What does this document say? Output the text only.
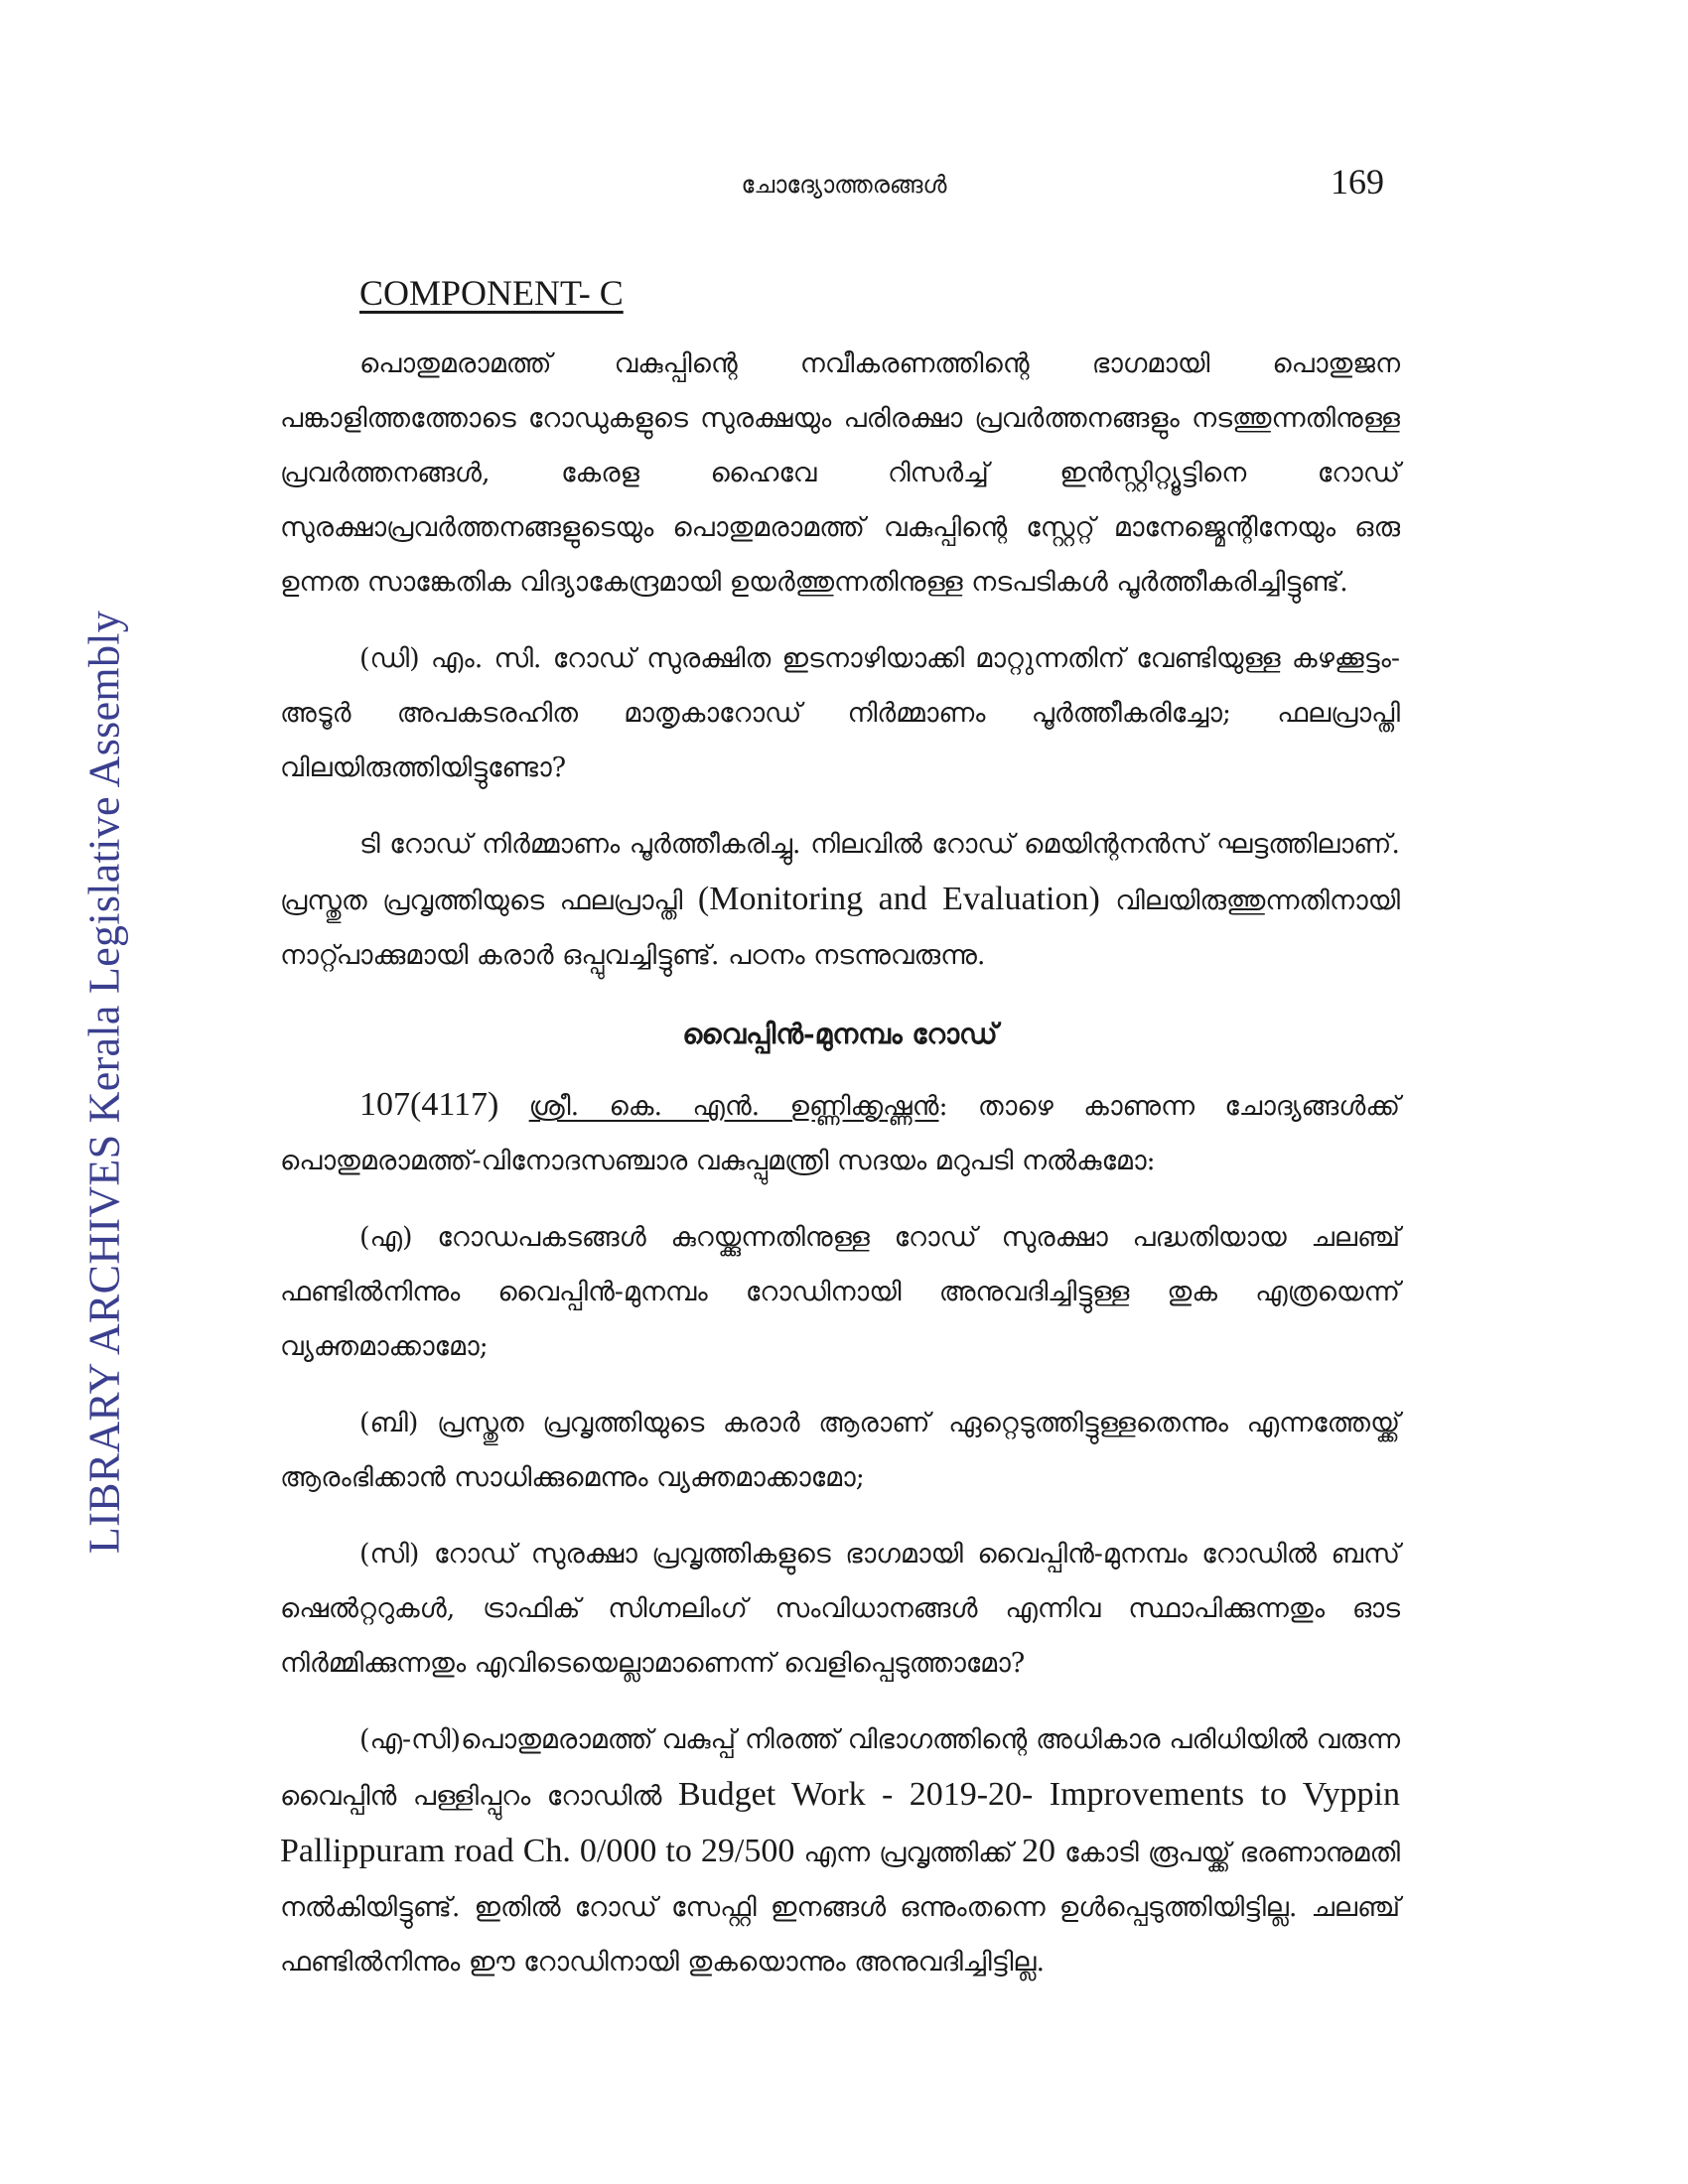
ചോദ്യോത്തരങ്ങൾ	169
LIBRARY ARCHIVES Kerala Legislative Assembly
COMPONENT- C

പൊതുമരാമത്ത് വകുപ്പിന്റെ നവീകരണത്തിന്റെ ഭാഗമായി പൊതുജന പങ്കാളിത്തത്തോടെ റോഡുകളുടെ സുരക്ഷയും പരിരക്ഷാ പ്രവർത്തനങ്ങളും നടത്തുന്നതിനുള്ള പ്രവർത്തനങ്ങൾ, കേരള ഹൈവേ റിസർച്ച് ഇൻസ്റ്റിറ്റ്യൂട്ടിനെ റോഡ് സുരക്ഷാപ്രവർത്തനങ്ങളുടെയും പൊതുമരാമത്ത് വകുപ്പിന്റെ സ്റ്റേറ്റ് മാനേജ്മെന്റിനേയും ഒരു ഉന്നത സാങ്കേതിക വിദ്യാകേന്ദ്രമായി ഉയർത്തുന്നതിനുള്ള നടപടികൾ പൂർത്തീകരിച്ചിട്ടുണ്ട്.

(ഡി) എം. സി. റോഡ് സുരക്ഷിത ഇടനാഴിയാക്കി മാറ്റുന്നതിന് വേണ്ടിയുള്ള കഴക്കൂട്ടം-അടൂർ അപകടരഹിത മാതൃകാറോഡ് നിർമ്മാണം പൂർത്തീകരിച്ചോ; ഫലപ്രാപ്തി വിലയിരുത്തിയിട്ടുണ്ടോ?

ടി റോഡ് നിർമ്മാണം പൂർത്തീകരിച്ചു. നിലവിൽ റോഡ് മെയിന്റനൻസ് ഘട്ടത്തിലാണ്. പ്രസ്തുത പ്രവൃത്തിയുടെ ഫലപ്രാപ്തി (Monitoring and Evaluation) വിലയിരുത്തുന്നതിനായി നാറ്റ്പാക്കുമായി കരാർ ഒപ്പുവച്ചിട്ടുണ്ട്. പഠനം നടന്നുവരുന്നു.

വൈപ്പിൻ-മുനമ്പം റോഡ്

107(4117) ശ്രീ. കെ. എൻ. ഉണ്ണിക്കൃഷ്ണൻ: താഴെ കാണുന്ന ചോദ്യങ്ങൾക്ക് പൊതുമരാമത്ത്-വിനോദസഞ്ചാര വകുപ്പുമന്ത്രി സദയം മറുപടി നൽകുമോ:

(എ) റോഡപകടങ്ങൾ കുറയ്ക്കുന്നതിനുള്ള റോഡ് സുരക്ഷാ പദ്ധതിയായ ചലഞ്ച് ഫണ്ടിൽനിന്നും വൈപ്പിൻ-മുനമ്പം റോഡിനായി അനുവദിച്ചിട്ടുള്ള തുക എത്രയെന്ന് വ്യക്തമാക്കാമോ;

(ബി) പ്രസ്തുത പ്രവൃത്തിയുടെ കരാർ ആരാണ് ഏറ്റെടുത്തിട്ടുള്ളതെന്നും എന്നത്തേയ്ക്ക് ആരംഭിക്കാൻ സാധിക്കുമെന്നും വ്യക്തമാക്കാമോ;

(സി) റോഡ് സുരക്ഷാ പ്രവൃത്തികളുടെ ഭാഗമായി വൈപ്പിൻ-മുനമ്പം റോഡിൽ ബസ് ഷെൽറ്ററുകൾ, ട്രാഫിക് സിഗ്നലിംഗ് സംവിധാനങ്ങൾ എന്നിവ സ്ഥാപിക്കുന്നതും ഓട നിർമ്മിക്കുന്നതും എവിടെയെല്ലാമാണെന്ന് വെളിപ്പെടുത്താമോ?

(എ-സി)പൊതുമരാമത്ത് വകുപ്പ് നിരത്ത് വിഭാഗത്തിന്റെ അധികാര പരിധിയിൽ വരുന്ന വൈപ്പിൻ പള്ളിപ്പുറം റോഡിൽ Budget Work - 2019-20- Improvements to Vyppin Pallippuram road Ch. 0/000 to 29/500 എന്ന പ്രവൃത്തിക്ക് 20 കോടി രൂപയ്ക്ക് ഭരണാനുമതി നൽകിയിട്ടുണ്ട്. ഇതിൽ റോഡ് സേഫ്റ്റി ഇനങ്ങൾ ഒന്നുംതന്നെ ഉൾപ്പെടുത്തിയിട്ടില്ല. ചലഞ്ച് ഫണ്ടിൽനിന്നും ഈ റോഡിനായി തുകയൊന്നും അനുവദിച്ചിട്ടില്ല.
